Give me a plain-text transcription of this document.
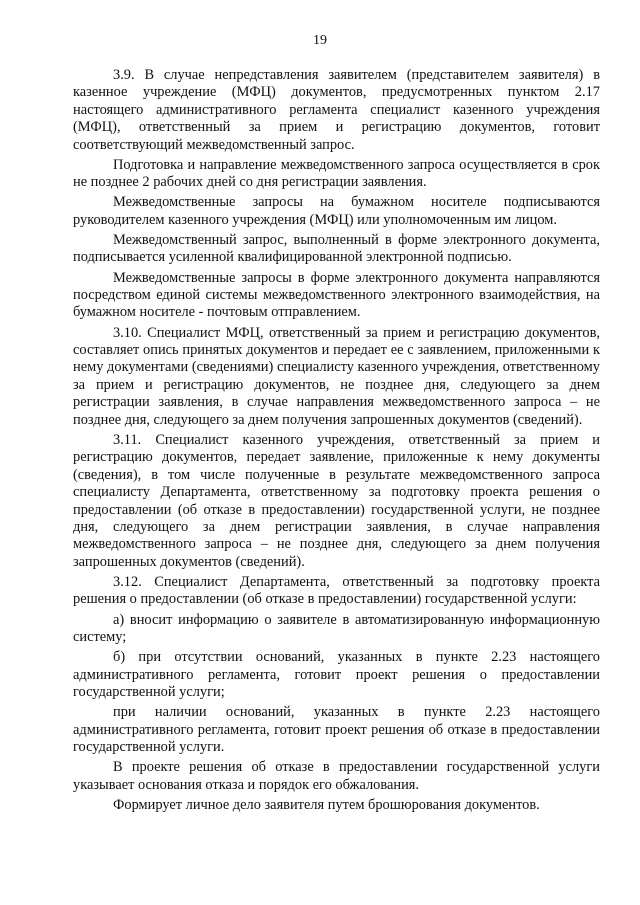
19

3.9. В случае непредставления заявителем (представителем заявителя) в казенное учреждение (МФЦ) документов, предусмотренных пунктом 2.17 настоящего административного регламента специалист казенного учреждения (МФЦ), ответственный за прием и регистрацию документов, готовит соответствующий межведомственный запрос.

Подготовка и направление межведомственного запроса осуществляется в срок не позднее 2 рабочих дней со дня регистрации заявления.

Межведомственные запросы на бумажном носителе подписываются руководителем казенного учреждения (МФЦ) или уполномоченным им лицом.

Межведомственный запрос, выполненный в форме электронного документа, подписывается усиленной квалифицированной электронной подписью.

Межведомственные запросы в форме электронного документа направляются посредством единой системы межведомственного электронного взаимодействия, на бумажном носителе - почтовым отправлением.

3.10. Специалист МФЦ, ответственный за прием и регистрацию документов, составляет опись принятых документов и передает ее с заявлением, приложенными к нему документами (сведениями) специалисту казенного учреждения, ответственному за прием и регистрацию документов, не позднее дня, следующего за днем регистрации заявления, в случае направления межведомственного запроса – не позднее дня, следующего за днем получения запрошенных документов (сведений).

3.11. Специалист казенного учреждения, ответственный за прием и регистрацию документов, передает заявление, приложенные к нему документы (сведения), в том числе полученные в результате межведомственного запроса специалисту Департамента, ответственному за подготовку проекта решения о предоставлении (об отказе в предоставлении) государственной услуги, не позднее дня, следующего за днем регистрации заявления, в случае направления межведомственного запроса – не позднее дня, следующего за днем получения запрошенных документов (сведений).

3.12. Специалист Департамента, ответственный за подготовку проекта решения о предоставлении (об отказе в предоставлении) государственной услуги:

а) вносит информацию о заявителе в автоматизированную информационную систему;

б) при отсутствии оснований, указанных в пункте 2.23 настоящего административного регламента, готовит проект решения о предоставлении государственной услуги;

при наличии оснований, указанных в пункте 2.23 настоящего административного регламента, готовит проект решения об отказе в предоставлении государственной услуги.

В проекте решения об отказе в предоставлении государственной услуги указывает основания отказа и порядок его обжалования.

Формирует личное дело заявителя путем брошюрования документов.
